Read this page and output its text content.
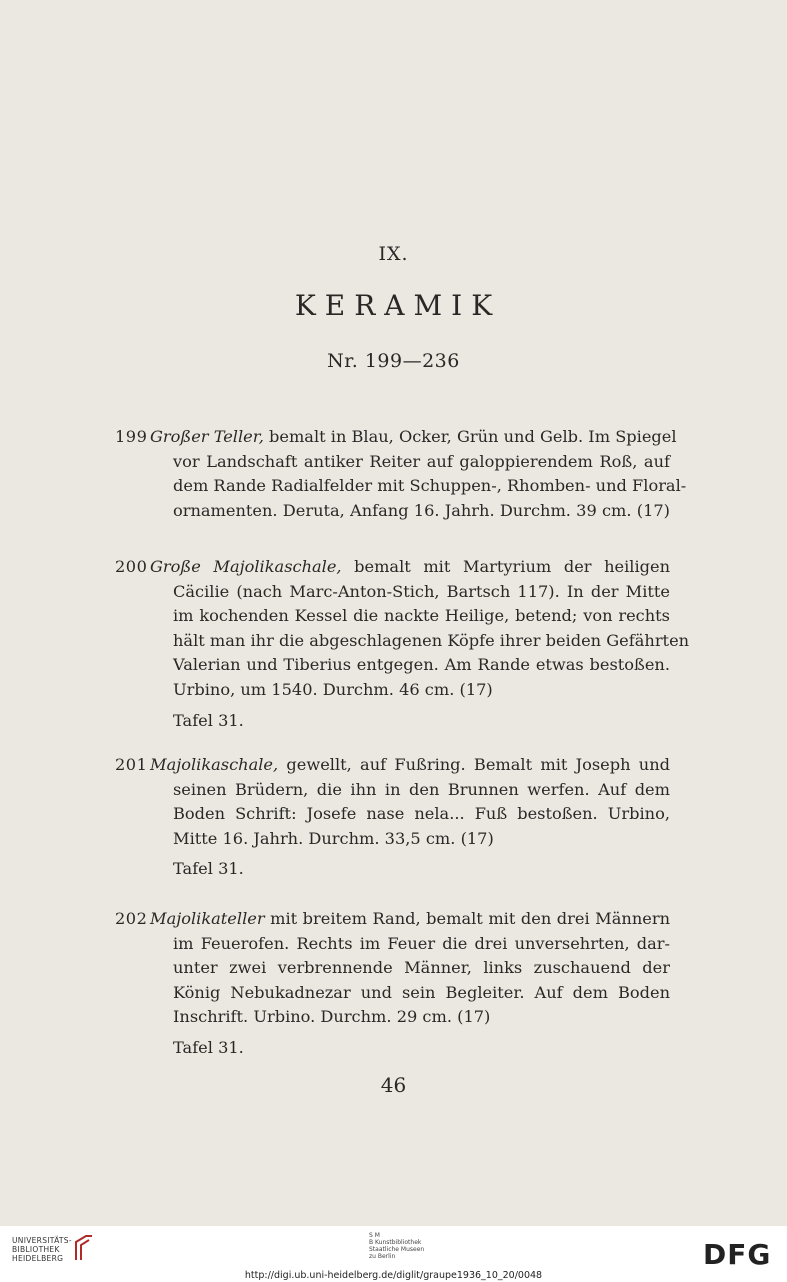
IX.
KERAMIK
Nr. 199—236
199 Großer Teller, bemalt in Blau, Ocker, Grün und Gelb. Im Spiegel
vor Landschaft antiker Reiter auf galoppierendem Roß, auf
dem Rande Radialfelder mit Schuppen-, Rhomben- und Floral-
ornamenten. Deruta, Anfang 16. Jahrh. Durchm. 39 cm. (17)
200 Große Majolikaschale, bemalt mit Martyrium der heiligen
Cäcilie (nach Marc-Anton-Stich, Bartsch 117). In der Mitte
im kochenden Kessel die nackte Heilige, betend; von rechts
hält man ihr die abgeschlagenen Köpfe ihrer beiden Gefährten
Valerian und Tiberius entgegen. Am Rande etwas bestoßen.
Urbino, um 1540. Durchm. 46 cm. (17)
Tafel 31.
201 Majolikaschale, gewellt, auf Fußring. Bemalt mit Joseph und
seinen Brüdern, die ihn in den Brunnen werfen. Auf dem
Boden Schrift: Josefe nase nela... Fuß bestoßen. Urbino,
Mitte 16. Jahrh. Durchm. 33,5 cm. (17)
Tafel 31.
202 Majolikateller mit breitem Rand, bemalt mit den drei Männern
im Feuerofen. Rechts im Feuer die drei unversehrten, dar-
unter zwei verbrennende Männer, links zuschauend der
König Nebukadnezar und sein Begleiter. Auf dem Boden
Inschrift. Urbino. Durchm. 29 cm. (17)
Tafel 31.
46
UNIVERSITÄTS-
BIBLIOTHEK
HEIDELBERG
S M
B Kunstbibliothek
Staatliche Museen
zu Berlin	DFG
http://digi.ub.uni-heidelberg.de/diglit/graupe1936_10_20/0048
